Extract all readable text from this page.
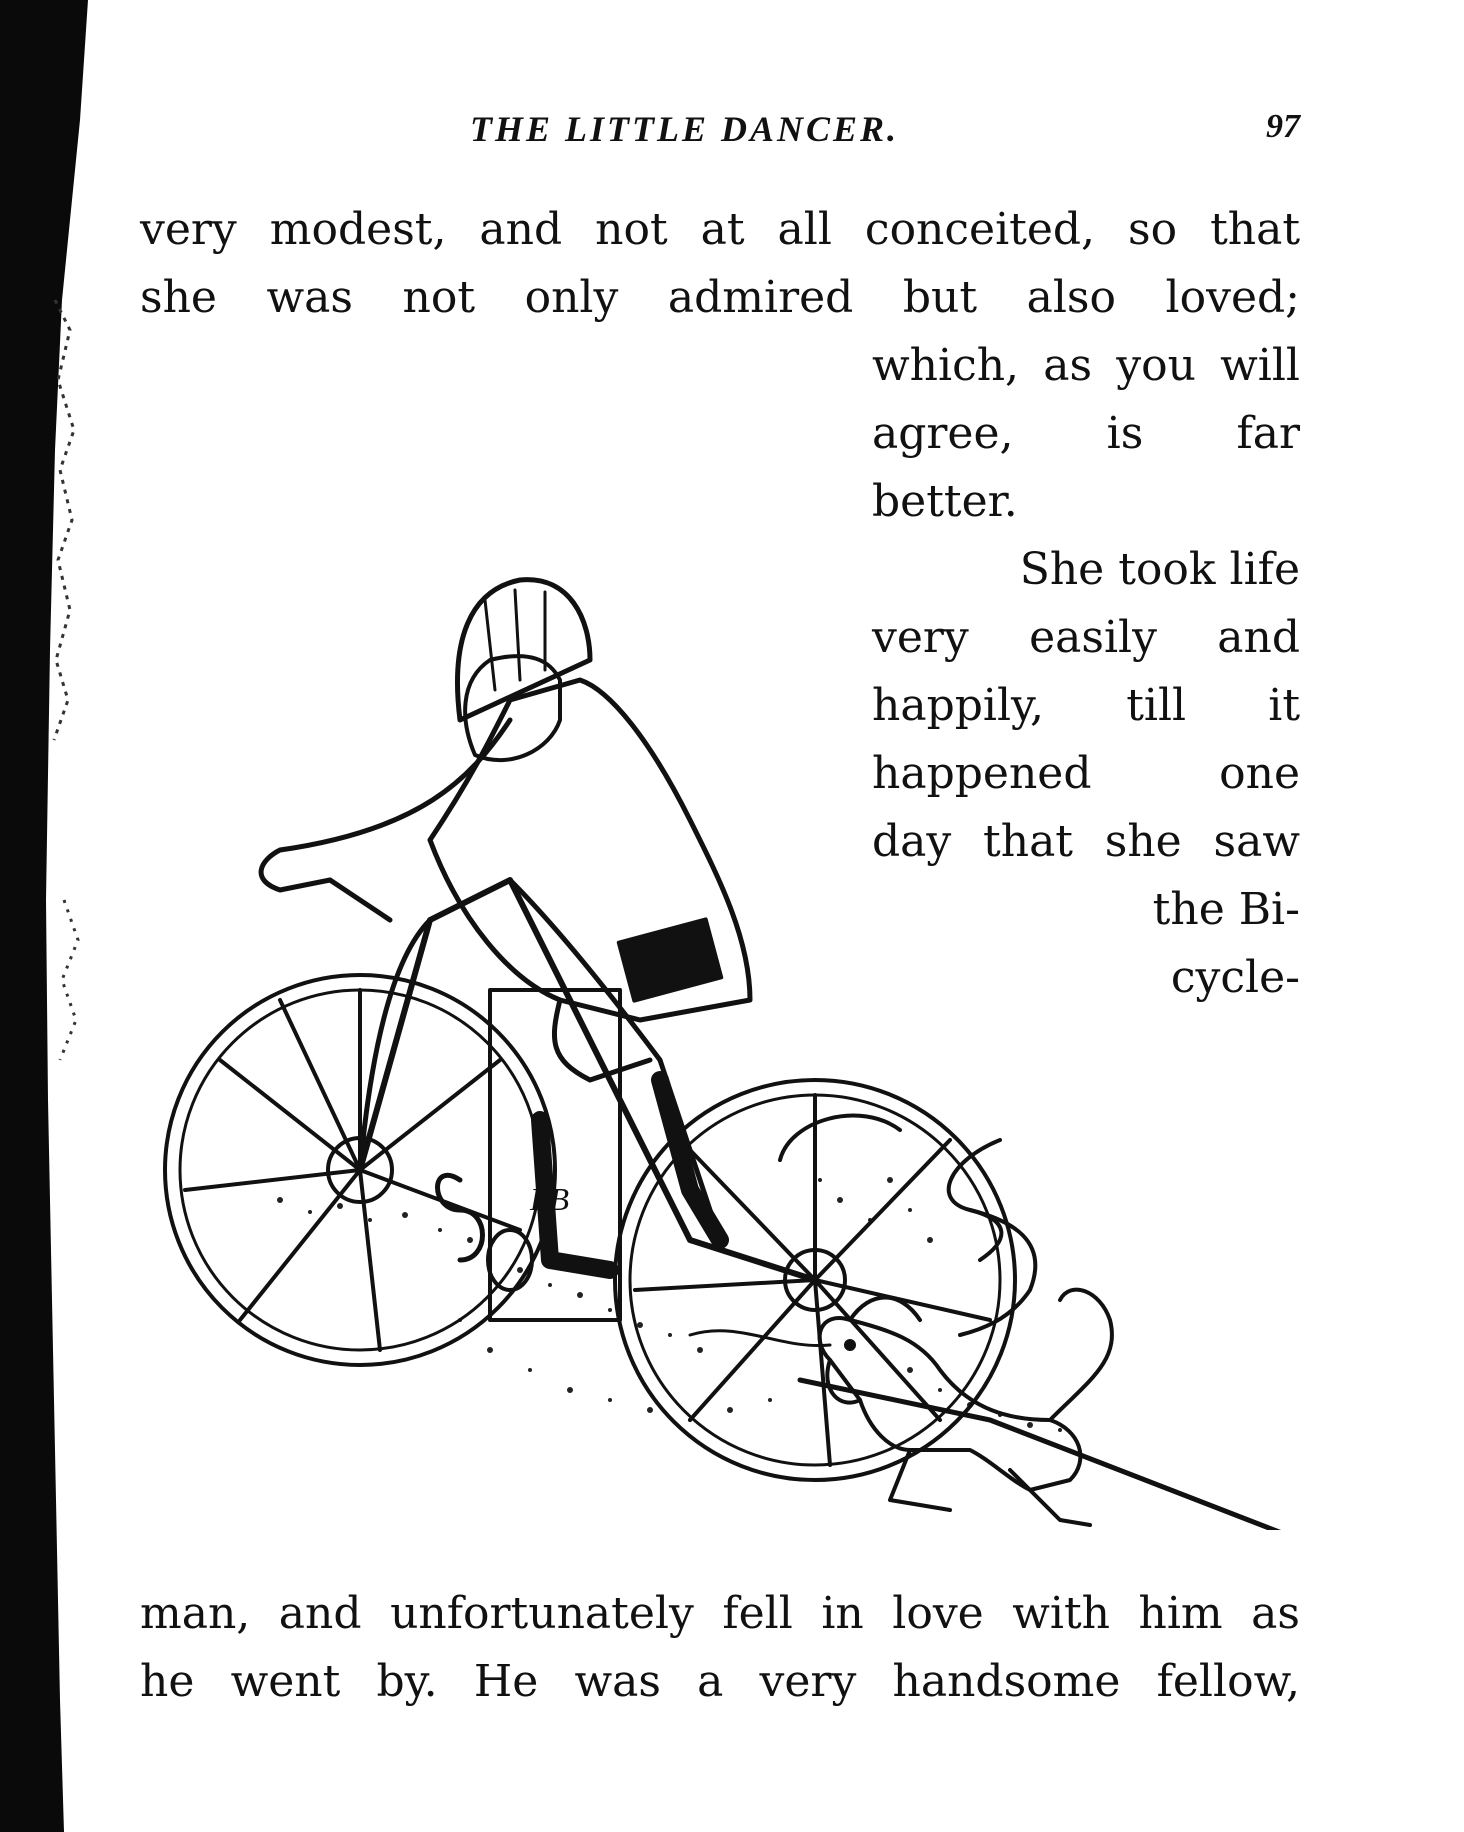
THE LITTLE DANCER.	97
very modest, and not at all conceited, so that
she was not only admired but also loved;
which, as you will
agree, is far
better.
She took life
very easily and
happily, till it
happened one
day that she saw
the Bi-
cycle-
FB
man, and unfortunately fell in love with him as
he went by. He was a very handsome fellow,
